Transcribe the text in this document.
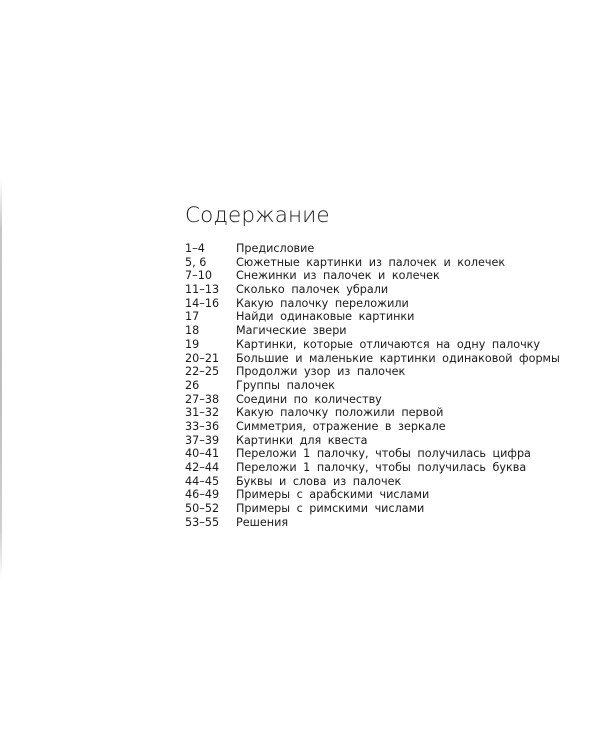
Содержание
1–4	Предисловие
5, 6	Сюжетные картинки из палочек и колечек
7–10	Снежинки из палочек и колечек
11–13	Сколько палочек убрали
14–16	Какую палочку переложили
17	Найди одинаковые картинки
18	Магические звери
19	Картинки, которые отличаются на одну палочку
20–21	Большие и маленькие картинки одинаковой формы
22–25	Продолжи узор из палочек
26	Группы палочек
27–38	Соедини по количеству
31–32	Какую палочку положили первой
33–36	Симметрия, отражение в зеркале
37–39	Картинки для квеста
40–41	Переложи 1 палочку, чтобы получилась цифра
42–44	Переложи 1 палочку, чтобы получилась буква
44–45	Буквы и слова из палочек
46–49	Примеры с арабскими числами
50–52	Примеры с римскими числами
53–55	Решения
